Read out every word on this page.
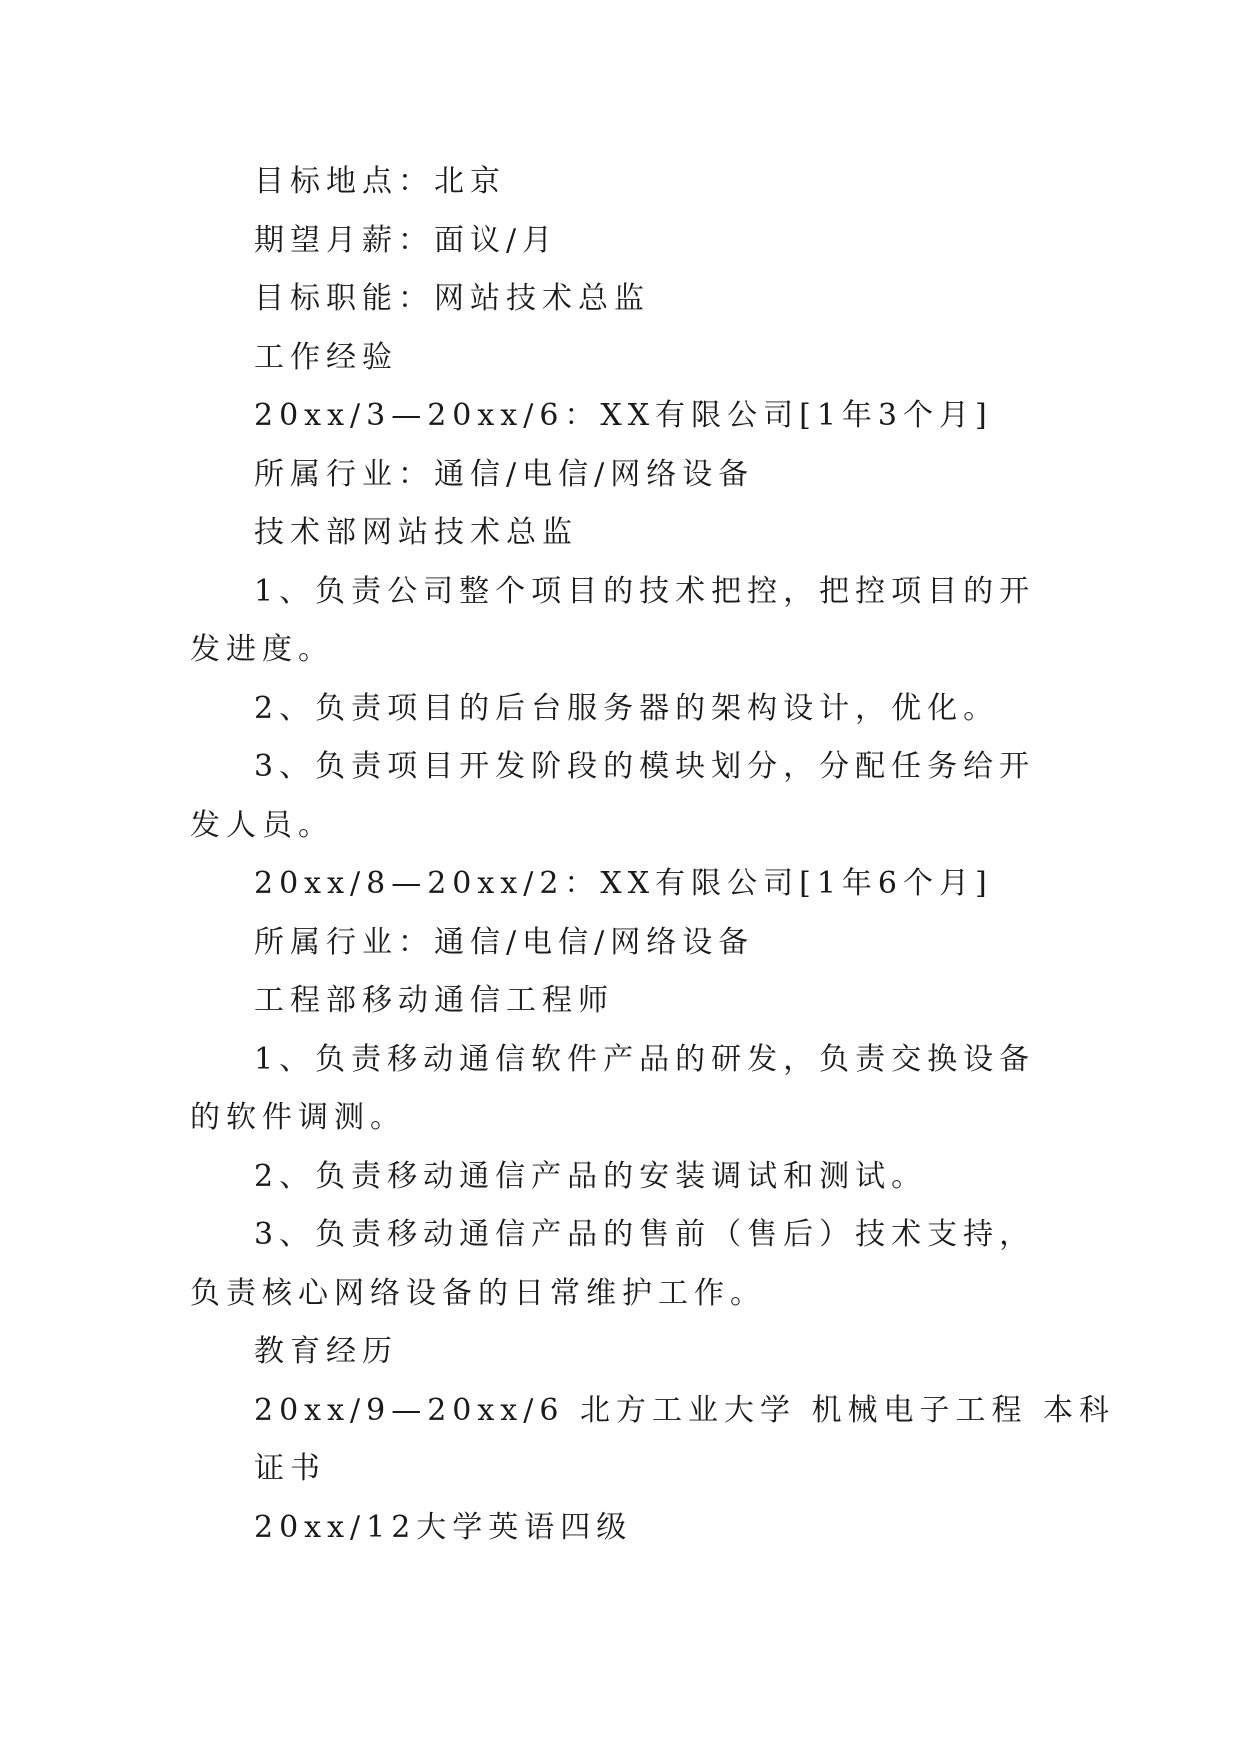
目标地点：北京
期望月薪：面议/月
目标职能：网站技术总监
工作经验
20xx/3—20xx/6：XX有限公司[1年3个月]
所属行业：通信/电信/网络设备
技术部网站技术总监
1、负责公司整个项目的技术把控，把控项目的开发进度。
2、负责项目的后台服务器的架构设计，优化。
3、负责项目开发阶段的模块划分，分配任务给开发人员。
20xx/8—20xx/2：XX有限公司[1年6个月]
所属行业：通信/电信/网络设备
工程部移动通信工程师
1、负责移动通信软件产品的研发，负责交换设备的软件调测。
2、负责移动通信产品的安装调试和测试。
3、负责移动通信产品的售前（售后）技术支持，负责核心网络设备的日常维护工作。
教育经历
20xx/9—20xx/6 北方工业大学 机械电子工程 本科
证书
20xx/12大学英语四级
